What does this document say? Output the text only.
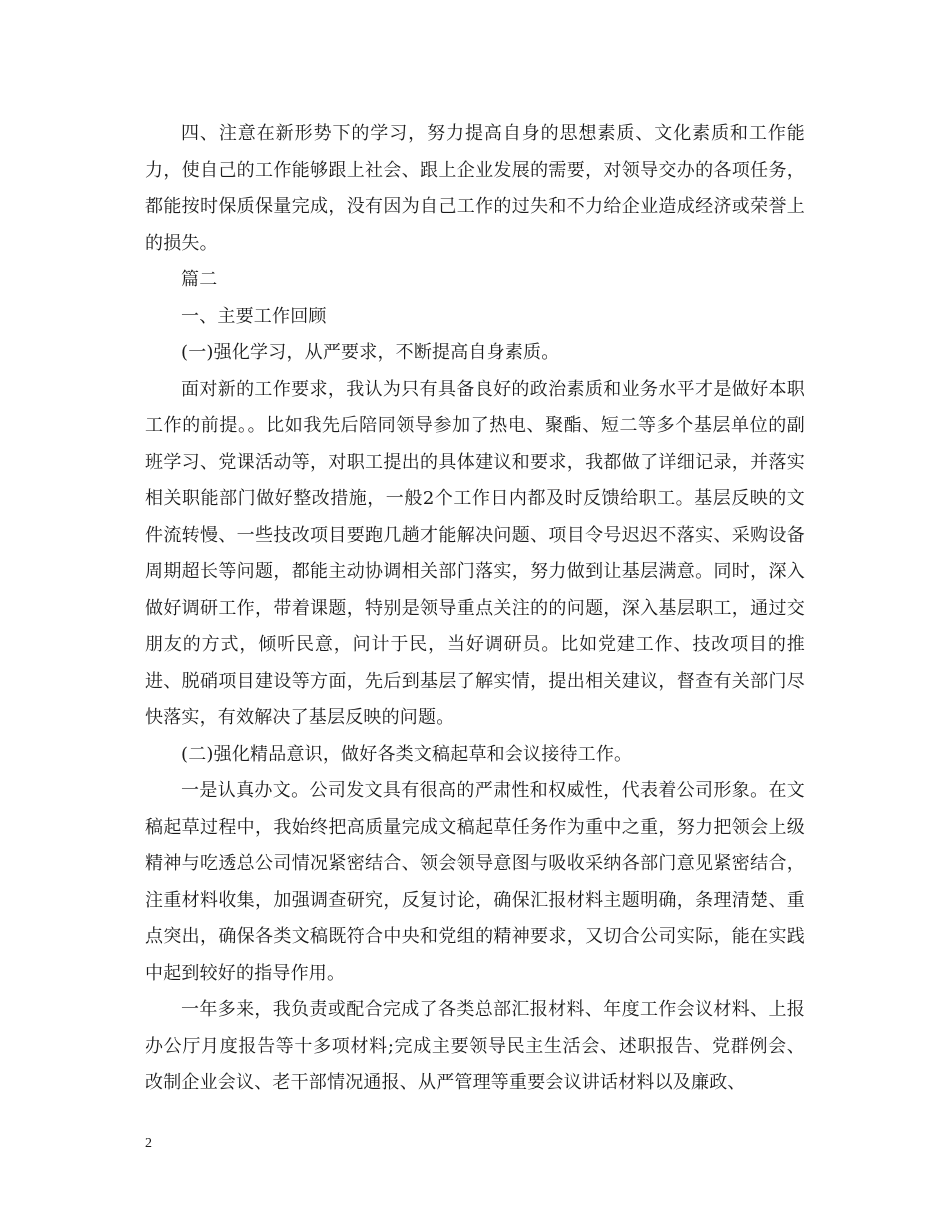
四、注意在新形势下的学习，努力提高自身的思想素质、文化素质和工作能力，使自己的工作能够跟上社会、跟上企业发展的需要，对领导交办的各项任务，都能按时保质保量完成，没有因为自己工作的过失和不力给企业造成经济或荣誉上的损失。

篇二

一、主要工作回顾

(一)强化学习，从严要求，不断提高自身素质。

面对新的工作要求，我认为只有具备良好的政治素质和业务水平才是做好本职工作的前提。。比如我先后陪同领导参加了热电、聚酯、短二等多个基层单位的副班学习、党课活动等，对职工提出的具体建议和要求，我都做了详细记录，并落实相关职能部门做好整改措施，一般2个工作日内都及时反馈给职工。基层反映的文件流转慢、一些技改项目要跑几趟才能解决问题、项目令号迟迟不落实、采购设备周期超长等问题，都能主动协调相关部门落实，努力做到让基层满意。同时，深入做好调研工作，带着课题，特别是领导重点关注的的问题，深入基层职工，通过交朋友的方式，倾听民意，问计于民，当好调研员。比如党建工作、技改项目的推进、脱硝项目建设等方面，先后到基层了解实情，提出相关建议，督查有关部门尽快落实，有效解决了基层反映的问题。

(二)强化精品意识，做好各类文稿起草和会议接待工作。

一是认真办文。公司发文具有很高的严肃性和权威性，代表着公司形象。在文稿起草过程中，我始终把高质量完成文稿起草任务作为重中之重，努力把领会上级精神与吃透总公司情况紧密结合、领会领导意图与吸收采纳各部门意见紧密结合，注重材料收集，加强调查研究，反复讨论，确保汇报材料主题明确，条理清楚、重点突出，确保各类文稿既符合中央和党组的精神要求，又切合公司实际，能在实践中起到较好的指导作用。

一年多来，我负责或配合完成了各类总部汇报材料、年度工作会议材料、上报办公厅月度报告等十多项材料;完成主要领导民主生活会、述职报告、党群例会、改制企业会议、老干部情况通报、从严管理等重要会议讲话材料以及廉政、

2
